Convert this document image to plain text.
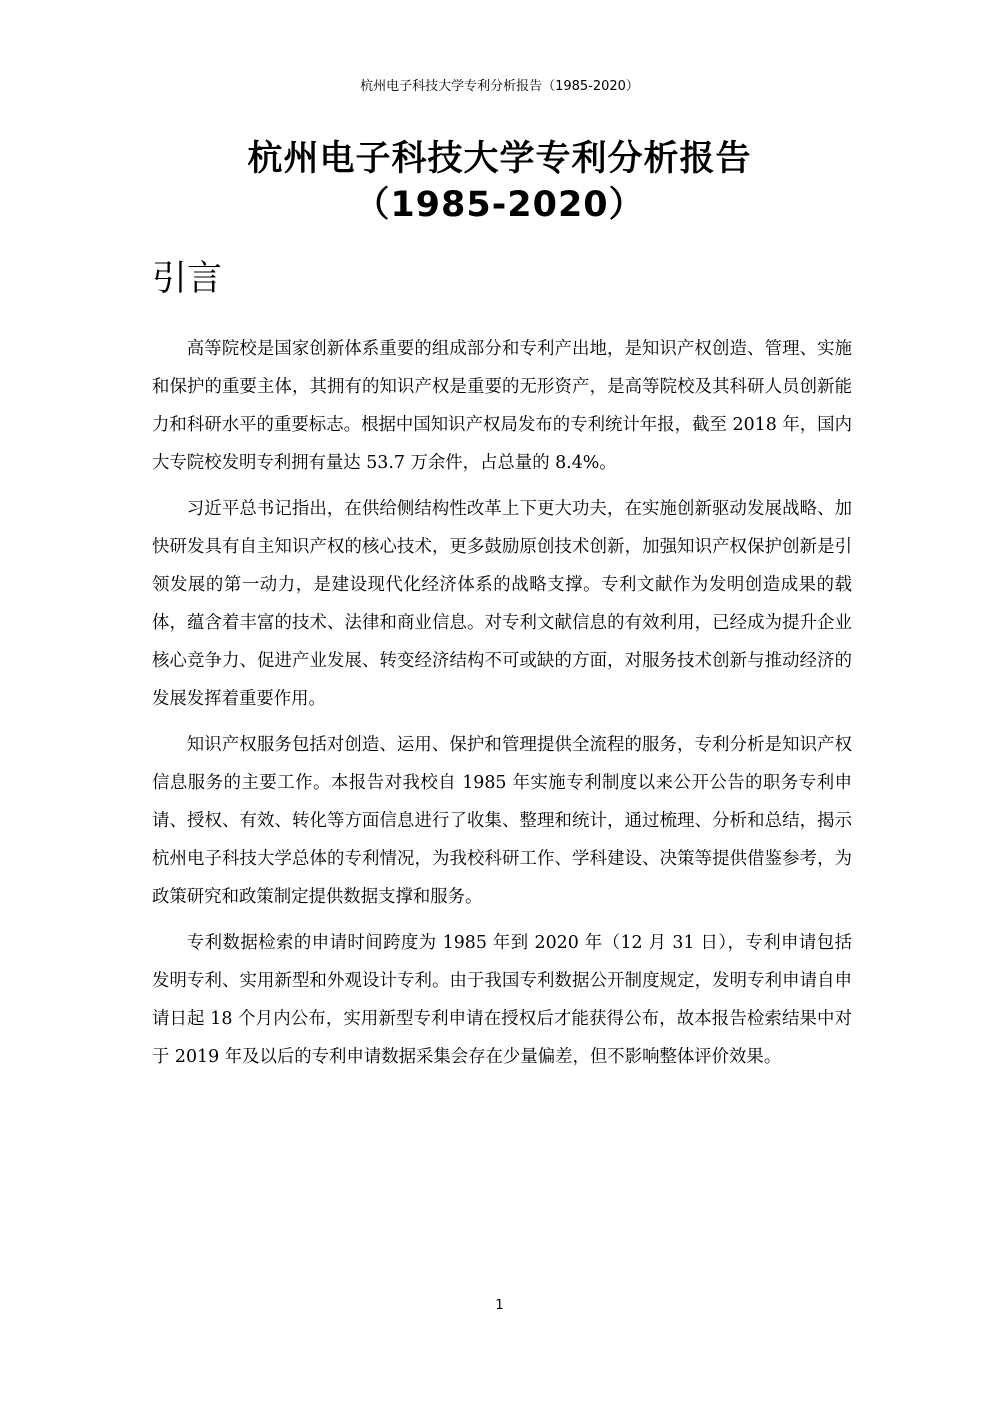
杭州电子科技大学专利分析报告（1985-2020）
杭州电子科技大学专利分析报告
（1985-2020）
引言

高等院校是国家创新体系重要的组成部分和专利产出地，是知识产权创造、管理、实施和保护的重要主体，其拥有的知识产权是重要的无形资产，是高等院校及其科研人员创新能力和科研水平的重要标志。根据中国知识产权局发布的专利统计年报，截至 2018 年，国内大专院校发明专利拥有量达 53.7 万余件，占总量的 8.4%。

习近平总书记指出，在供给侧结构性改革上下更大功夫，在实施创新驱动发展战略、加快研发具有自主知识产权的核心技术，更多鼓励原创技术创新，加强知识产权保护创新是引领发展的第一动力，是建设现代化经济体系的战略支撑。专利文献作为发明创造成果的载体，蕴含着丰富的技术、法律和商业信息。对专利文献信息的有效利用，已经成为提升企业核心竞争力、促进产业发展、转变经济结构不可或缺的方面，对服务技术创新与推动经济的发展发挥着重要作用。

知识产权服务包括对创造、运用、保护和管理提供全流程的服务，专利分析是知识产权信息服务的主要工作。本报告对我校自 1985 年实施专利制度以来公开公告的职务专利申请、授权、有效、转化等方面信息进行了收集、整理和统计，通过梳理、分析和总结，揭示杭州电子科技大学总体的专利情况，为我校科研工作、学科建设、决策等提供借鉴参考，为政策研究和政策制定提供数据支撑和服务。

专利数据检索的申请时间跨度为 1985 年到 2020 年（12 月 31 日），专利申请包括发明专利、实用新型和外观设计专利。由于我国专利数据公开制度规定，发明专利申请自申请日起 18 个月内公布，实用新型专利申请在授权后才能获得公布，故本报告检索结果中对于 2019 年及以后的专利申请数据采集会存在少量偏差，但不影响整体评价效果。

1
